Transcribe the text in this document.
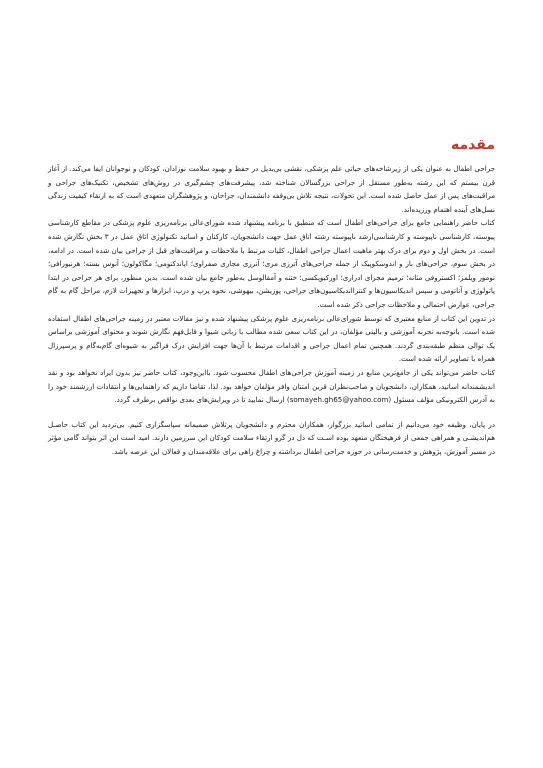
مقدمه

جراحی اطفال به عنوان یکی از زیرشاخه‌های حیاتی علم پزشکی، نقشی بی‌بدیل در حفظ و بهبود سلامت نوزادان، کودکان و نوجوانان ایفا می‌کند. از آغاز قرن بیستم که این رشته به‌طور مستقل از جراحی بزرگسالان شناخته شد، پیشرفت‌های چشم‌گیری در روش‌های تشخیص، تکنیک‌های جراحی و مراقبت‌های پس از عمل حاصل شده است. این تحولات، نتیجه تلاش بی‌وقفه دانشمندان، جراحان، و پژوهشگران متعهدی است که به ارتقاء کیفیت زندگی نسل‌های آینده اهتمام ورزیده‌اند.

کتاب حاضر راهنمایی جامع برای جراحی‌های اطفال است که منطبق با برنامه پیشنهاد شده شورای‌عالی برنامه‌ریزی علوم پزشکی در مقاطع کارشناسی پیوسته، کارشناسی ناپیوسته و کارشناسی‌ارشد ناپیوسته رشته اتاق عمل جهت دانشجویان، کارکنان و اساتید تکنولوژی اتاق عمل در ۳ بخش نگارش شده است. در بخش اول و دوم برای درک بهتر ماهیت اعمال جراحی اطفال، کلیات مرتبط با ملاحظات و مراقبت‌های قبل از جراحی بیان شده است. در ادامه، در بخش سوم، جراحی‌های باز و اندوسکوپیک از جمله جراحی‌های آترزی مری؛ آترزی مجاری صفراوی؛ اپاندکتومی؛ مگاکولون؛ آنوس بسته؛ هرنیورافی؛ تومور ویلمز؛ اکستروفی مثانه؛ ترمیم مجرای ادراری؛ اورکیوپکسی؛ ختنه و آمفالوسل به‌طور جامع بیان شده است. بدین منظور، برای هر جراحی در ابتدا پاتولوژی و آناتومی و سپس اندیکاسیون‌ها و کنترااندیکاسیون‌های جراحی، پوزیشن، بیهوشی، نحوه پرپ و درپ، ابزارها و تجهیزات لازم، مراحل گام به گام جراحی، عوارض احتمالی و ملاحظات جراحی ذکر شده است.

در تدوین این کتاب از منابع معتبری که توسط شورای‌عالی برنامه‌ریزی علوم پزشکی پیشنهاد شده و نیز مقالات معتبر در زمینه جراحی‌های اطفال استفاده شده است. باتوجه‌به تجربه آموزشی و بالینی مؤلفان، در این کتاب سعی شده مطالب با زبانی شیوا و قابل‌فهم نگارش شوند و محتوای آموزشی براساس یک توالی منظم طبقه‌بندی گردند. همچنین تمام اعمال جراحی و اقدامات مرتبط با آن‌ها جهت افزایش درک فراگیر به شیوه‌ای گام‌به‌گام و پرسپرزال همراه با تصاویر ارائه شده است.

کتاب حاضر می‌تواند یکی از جامع‌ترین منابع در زمینه آموزش جراحی‌های اطفال محسوب شود. بااین‌وجود، کتاب حاضر نیز بدون ایراد نخواهد بود و نقد اندیشمندانه اساتید، همکاران، دانشجویان و صاحب‌نظران قرین امتنان وافر مؤلفان خواهد بود. لذا، تقاضا داریم که راهنمایی‌ها و انتقادات ارزشمند خود را به آدرس الکترونیکی مؤلف مسئول (somayeh.gh65@yahoo.com) ارسال نمایید تا در ویرایش‌های بعدی نواقص برطرف گردد.

در پایان، وظیفه خود می‌دانیم از تمامی اساتید بزرگوار، همکاران محترم و دانشجویان پرتلاش صمیمانه سپاسگزاری کنیم. بی‌تردید این کتاب حاصـل هم‌اندیشـی و همراهی جمعی از فرهیختگان متعهد بوده اسـت که دل در گرو ارتقاء سلامت کودکان این سرزمین دارند. امید است این اثر بتواند گامی مؤثر در مسیر آموزش، پژوهش و خدمت‌رسانی در حوزه جراحی اطفال برداشته و چراغ راهی برای علاقه‌مندان و فعالان این عرصه باشد.
